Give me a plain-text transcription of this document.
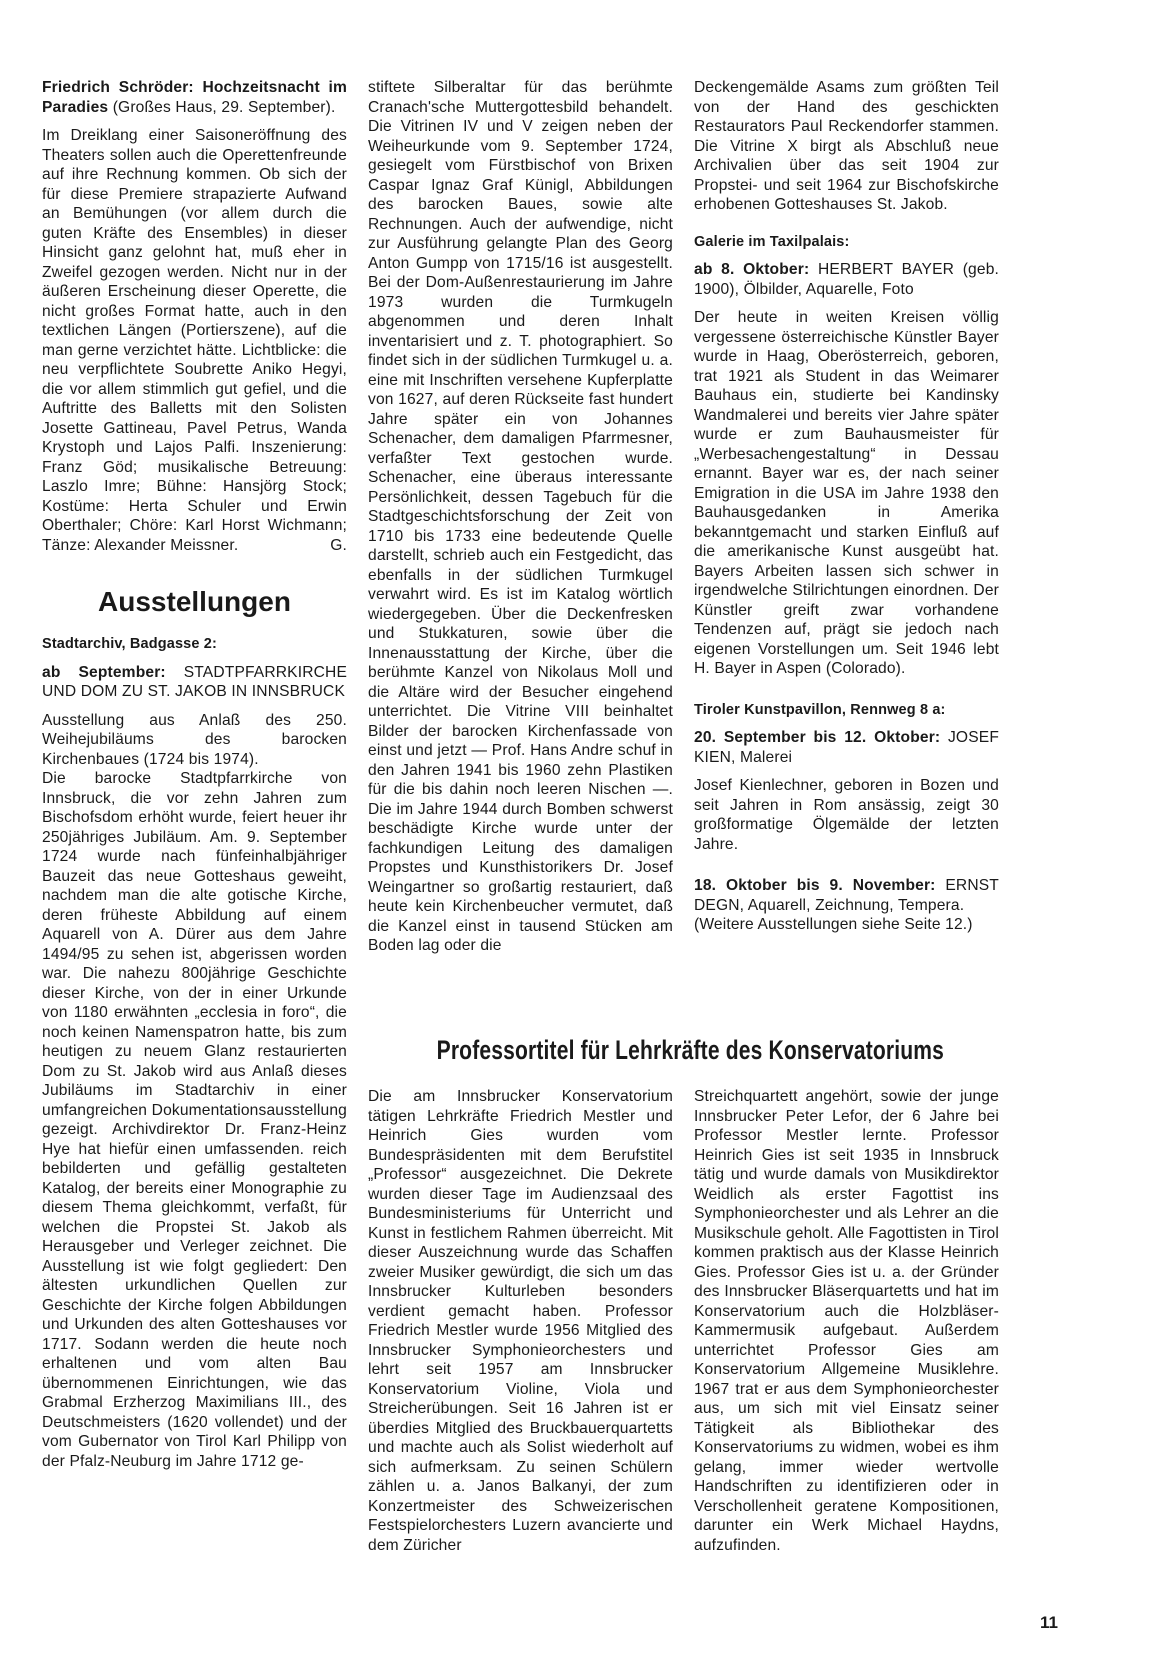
Friedrich Schröder: Hochzeitsnacht im Paradies (Großes Haus, 29. September).

Im Dreiklang einer Saisoneröffnung des Theaters sollen auch die Operettenfreunde auf ihre Rechnung kommen. Ob sich der für diese Premiere strapazierte Aufwand an Bemühungen (vor allem durch die guten Kräfte des Ensembles) in dieser Hinsicht ganz gelohnt hat, muß eher in Zweifel gezogen werden. Nicht nur in der äußeren Erscheinung dieser Operette, die nicht großes Format hatte, auch in den textlichen Längen (Portierszene), auf die man gerne verzichtet hätte. Lichtblicke: die neu verpflichtete Soubrette Aniko Hegyi, die vor allem stimmlich gut gefiel, und die Auftritte des Balletts mit den Solisten Josette Gattineau, Pavel Petrus, Wanda Krystoph und Lajos Palfi. Inszenierung: Franz Göd; musikalische Betreuung: Laszlo Imre; Bühne: Hansjörg Stock; Kostüme: Herta Schuler und Erwin Oberthaler; Chöre: Karl Horst Wichmann; Tänze: Alexander Meissner.	G.

Ausstellungen
Stadtarchiv, Badgasse 2:

ab September: STADTPFARRKIRCHE UND DOM ZU ST. JAKOB IN INNSBRUCK

Ausstellung aus Anlaß des 250. Weihejubiläums des barocken Kirchenbaues (1724 bis 1974).

Die barocke Stadtpfarrkirche von Innsbruck, die vor zehn Jahren zum Bischofsdom erhöht wurde, feiert heuer ihr 250jähriges Jubiläum. Am. 9. September 1724 wurde nach fünfeinhalbjähriger Bauzeit das neue Gotteshaus geweiht, nachdem man die alte gotische Kirche, deren früheste Abbildung auf einem Aquarell von A. Dürer aus dem Jahre 1494/95 zu sehen ist, abgerissen worden war. Die nahezu 800jährige Geschichte dieser Kirche, von der in einer Urkunde von 1180 erwähnten „ecclesia in foro“, die noch keinen Namenspatron hatte, bis zum heutigen zu neuem Glanz restaurierten Dom zu St. Jakob wird aus Anlaß dieses Jubiläums im Stadtarchiv in einer umfangreichen Dokumentationsausstellung gezeigt. Archivdirektor Dr. Franz-Heinz Hye hat hiefür einen umfassenden. reich bebilderten und gefällig gestalteten Katalog, der bereits einer Monographie zu diesem Thema gleichkommt, verfaßt, für welchen die Propstei St. Jakob als Herausgeber und Verleger zeichnet. Die Ausstellung ist wie folgt gegliedert: Den ältesten urkundlichen Quellen zur Geschichte der Kirche folgen Abbildungen und Urkunden des alten Gotteshauses vor 1717. Sodann werden die heute noch erhaltenen und vom alten Bau übernommenen Einrichtungen, wie das Grabmal Erzherzog Maximilians III., des Deutschmeisters (1620 vollendet) und der vom Gubernator von Tirol Karl Philipp von der Pfalz-Neuburg im Jahre 1712 ge-

stiftete Silberaltar für das berühmte Cranach'sche Muttergottesbild behandelt. Die Vitrinen IV und V zeigen neben der Weiheurkunde vom 9. September 1724, gesiegelt vom Fürstbischof von Brixen Caspar Ignaz Graf Künigl, Abbildungen des barocken Baues, sowie alte Rechnungen. Auch der aufwendige, nicht zur Ausführung gelangte Plan des Georg Anton Gumpp von 1715/16 ist ausgestellt. Bei der Dom-Außenrestaurierung im Jahre 1973 wurden die Turmkugeln abgenommen und deren Inhalt inventarisiert und z. T. photographiert. So findet sich in der südlichen Turmkugel u. a. eine mit Inschriften versehene Kupferplatte von 1627, auf deren Rückseite fast hundert Jahre später ein von Johannes Schenacher, dem damaligen Pfarrmesner, verfaßter Text gestochen wurde. Schenacher, eine überaus interessante Persönlichkeit, dessen Tagebuch für die Stadtgeschichtsforschung der Zeit von 1710 bis 1733 eine bedeutende Quelle darstellt, schrieb auch ein Festgedicht, das ebenfalls in der südlichen Turmkugel verwahrt wird. Es ist im Katalog wörtlich wiedergegeben. Über die Deckenfresken und Stukkaturen, sowie über die Innenausstattung der Kirche, über die berühmte Kanzel von Nikolaus Moll und die Altäre wird der Besucher eingehend unterrichtet. Die Vitrine VIII beinhaltet Bilder der barocken Kirchenfassade von einst und jetzt — Prof. Hans Andre schuf in den Jahren 1941 bis 1960 zehn Plastiken für die bis dahin noch leeren Nischen —. Die im Jahre 1944 durch Bomben schwerst beschädigte Kirche wurde unter der fachkundigen Leitung des damaligen Propstes und Kunsthistorikers Dr. Josef Weingartner so großartig restauriert, daß heute kein Kirchenbeucher vermutet, daß die Kanzel einst in tausend Stücken am Boden lag oder die

Deckengemälde Asams zum größten Teil von der Hand des geschickten Restaurators Paul Reckendorfer stammen. Die Vitrine X birgt als Abschluß neue Archivalien über das seit 1904 zur Propstei- und seit 1964 zur Bischofskirche erhobenen Gotteshauses St. Jakob.

Galerie im Taxilpalais:

ab 8. Oktober: HERBERT BAYER (geb. 1900), Ölbilder, Aquarelle, Foto

Der heute in weiten Kreisen völlig vergessene österreichische Künstler Bayer wurde in Haag, Oberösterreich, geboren, trat 1921 als Student in das Weimarer Bauhaus ein, studierte bei Kandinsky Wandmalerei und bereits vier Jahre später wurde er zum Bauhausmeister für „Werbesachengestaltung“ in Dessau ernannt. Bayer war es, der nach seiner Emigration in die USA im Jahre 1938 den Bauhausgedanken in Amerika bekanntgemacht und starken Einfluß auf die amerikanische Kunst ausgeübt hat. Bayers Arbeiten lassen sich schwer in irgendwelche Stilrichtungen einordnen. Der Künstler greift zwar vorhandene Tendenzen auf, prägt sie jedoch nach eigenen Vorstellungen um. Seit 1946 lebt H. Bayer in Aspen (Colorado).

Tiroler Kunstpavillon, Rennweg 8 a:

20. September bis 12. Oktober: JOSEF KIEN, Malerei

Josef Kienlechner, geboren in Bozen und seit Jahren in Rom ansässig, zeigt 30 großformatige Ölgemälde der letzten Jahre.

18. Oktober bis 9. November: ERNST DEGN, Aquarell, Zeichnung, Tempera.

(Weitere Ausstellungen siehe Seite 12.)

Professortitel für Lehrkräfte des Konservatoriums

Die am Innsbrucker Konservatorium tätigen Lehrkräfte Friedrich Mestler und Heinrich Gies wurden vom Bundespräsidenten mit dem Berufstitel „Professor“ ausgezeichnet. Die Dekrete wurden dieser Tage im Audienzsaal des Bundesministeriums für Unterricht und Kunst in festlichem Rahmen überreicht. Mit dieser Auszeichnung wurde das Schaffen zweier Musiker gewürdigt, die sich um das Innsbrucker Kulturleben besonders verdient gemacht haben. Professor Friedrich Mestler wurde 1956 Mitglied des Innsbrucker Symphonieorchesters und lehrt seit 1957 am Innsbrucker Konservatorium Violine, Viola und Streicherübungen. Seit 16 Jahren ist er überdies Mitglied des Bruckbauerquartetts und machte auch als Solist wiederholt auf sich aufmerksam. Zu seinen Schülern zählen u. a. Janos Balkanyi, der zum Konzertmeister des Schweizerischen Festspielorchesters Luzern avancierte und dem Züricher

Streichquartett angehört, sowie der junge Innsbrucker Peter Lefor, der 6 Jahre bei Professor Mestler lernte. Professor Heinrich Gies ist seit 1935 in Innsbruck tätig und wurde damals von Musikdirektor Weidlich als erster Fagottist ins Symphonieorchester und als Lehrer an die Musikschule geholt. Alle Fagottisten in Tirol kommen praktisch aus der Klasse Heinrich Gies. Professor Gies ist u. a. der Gründer des Innsbrucker Bläserquartetts und hat im Konservatorium auch die Holzbläser-Kammermusik aufgebaut. Außerdem unterrichtet Professor Gies am Konservatorium Allgemeine Musiklehre. 1967 trat er aus dem Symphonieorchester aus, um sich mit viel Einsatz seiner Tätigkeit als Bibliothekar des Konservatoriums zu widmen, wobei es ihm gelang, immer wieder wertvolle Handschriften zu identifizieren oder in Verschollenheit geratene Kompositionen, darunter ein Werk Michael Haydns, aufzufinden.

11
